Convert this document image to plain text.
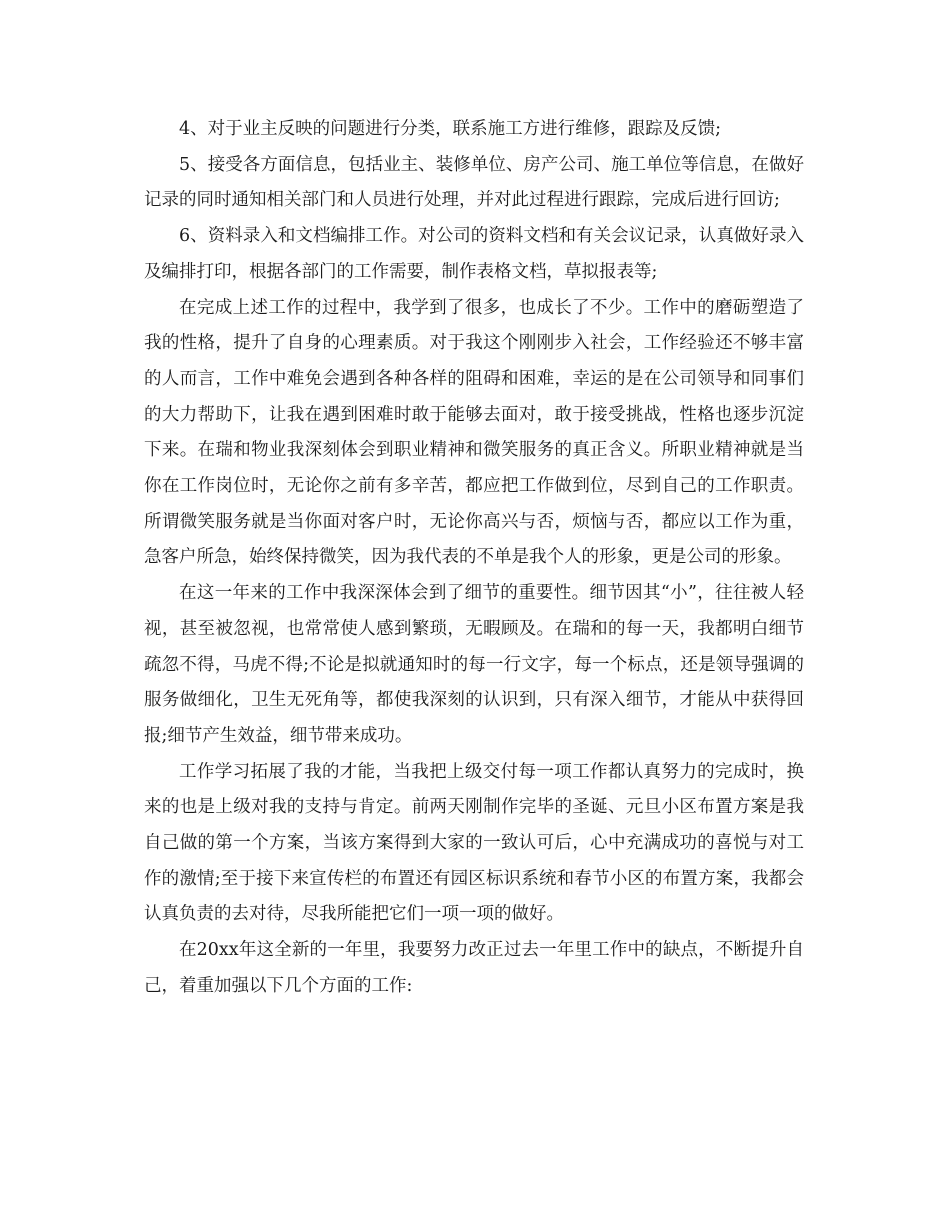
4、对于业主反映的问题进行分类，联系施工方进行维修，跟踪及反馈;

5、接受各方面信息，包括业主、装修单位、房产公司、施工单位等信息，在做好记录的同时通知相关部门和人员进行处理，并对此过程进行跟踪，完成后进行回访;

6、资料录入和文档编排工作。对公司的资料文档和有关会议记录，认真做好录入及编排打印，根据各部门的工作需要，制作表格文档，草拟报表等;

在完成上述工作的过程中，我学到了很多，也成长了不少。工作中的磨砺塑造了我的性格，提升了自身的心理素质。对于我这个刚刚步入社会，工作经验还不够丰富的人而言，工作中难免会遇到各种各样的阻碍和困难，幸运的是在公司领导和同事们的大力帮助下，让我在遇到困难时敢于能够去面对，敢于接受挑战，性格也逐步沉淀下来。在瑞和物业我深刻体会到职业精神和微笑服务的真正含义。所职业精神就是当你在工作岗位时，无论你之前有多辛苦，都应把工作做到位，尽到自己的工作职责。所谓微笑服务就是当你面对客户时，无论你高兴与否，烦恼与否，都应以工作为重，急客户所急，始终保持微笑，因为我代表的不单是我个人的形象，更是公司的形象。

在这一年来的工作中我深深体会到了细节的重要性。细节因其“小”，往往被人轻视，甚至被忽视，也常常使人感到繁琐，无暇顾及。在瑞和的每一天，我都明白细节疏忽不得，马虎不得;不论是拟就通知时的每一行文字，每一个标点，还是领导强调的服务做细化，卫生无死角等，都使我深刻的认识到，只有深入细节，才能从中获得回报;细节产生效益，细节带来成功。

工作学习拓展了我的才能，当我把上级交付每一项工作都认真努力的完成时，换来的也是上级对我的支持与肯定。前两天刚制作完毕的圣诞、元旦小区布置方案是我自己做的第一个方案，当该方案得到大家的一致认可后，心中充满成功的喜悦与对工作的激情;至于接下来宣传栏的布置还有园区标识系统和春节小区的布置方案，我都会认真负责的去对待，尽我所能把它们一项一项的做好。

在20xx年这全新的一年里，我要努力改正过去一年里工作中的缺点，不断提升自己，着重加强以下几个方面的工作:
